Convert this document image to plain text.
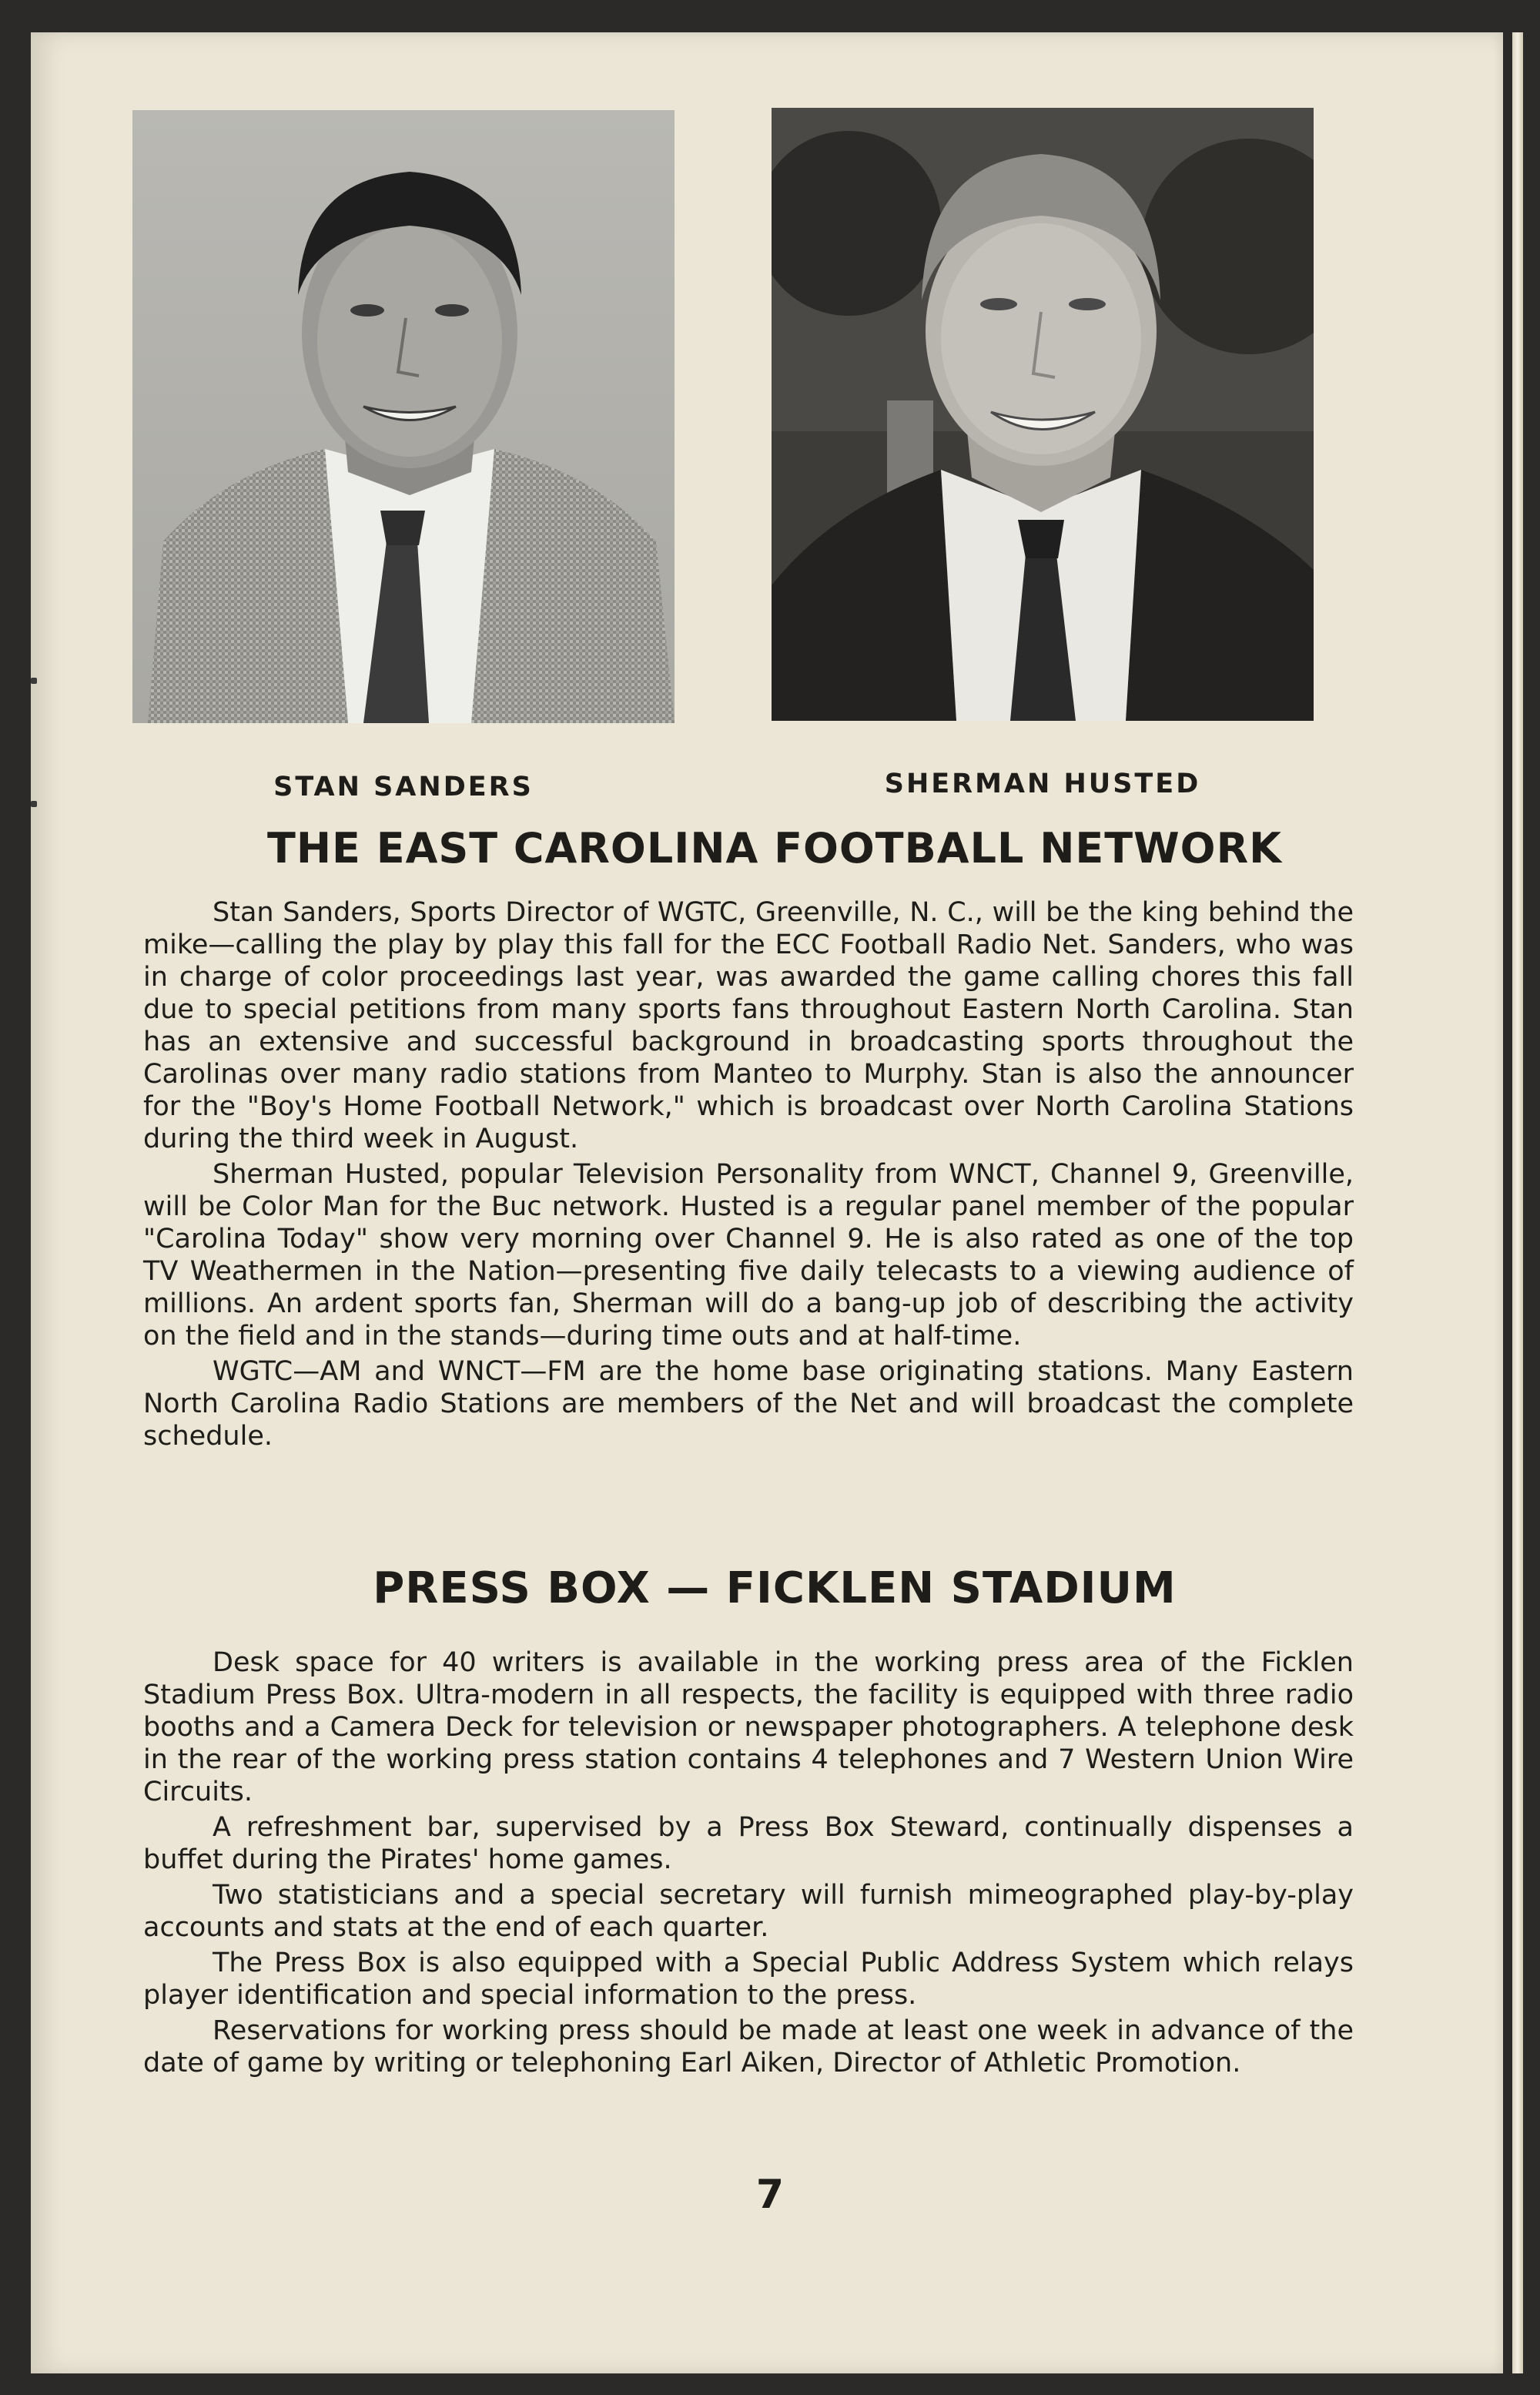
STAN SANDERS	SHERMAN HUSTED
THE EAST CAROLINA FOOTBALL NETWORK

Stan Sanders, Sports Director of WGTC, Greenville, N. C., will be the king behind the mike—calling the play by play this fall for the ECC Football Radio Net. Sanders, who was in charge of color proceedings last year, was awarded the game calling chores this fall due to special petitions from many sports fans throughout Eastern North Carolina. Stan has an extensive and successful background in broadcasting sports throughout the Carolinas over many radio stations from Manteo to Murphy. Stan is also the announcer for the "Boy's Home Football Network," which is broadcast over North Carolina Stations during the third week in August.

Sherman Husted, popular Television Personality from WNCT, Channel 9, Greenville, will be Color Man for the Buc network. Husted is a regular panel member of the popular "Carolina Today" show very morning over Channel 9. He is also rated as one of the top TV Weathermen in the Nation—presenting five daily telecasts to a viewing audience of millions. An ardent sports fan, Sherman will do a bang-up job of describing the activity on the field and in the stands—during time outs and at half-time.

WGTC—AM and WNCT—FM are the home base originating stations. Many Eastern North Carolina Radio Stations are members of the Net and will broadcast the complete schedule.

PRESS BOX — FICKLEN STADIUM

Desk space for 40 writers is available in the working press area of the Ficklen Stadium Press Box. Ultra-modern in all respects, the facility is equipped with three radio booths and a Camera Deck for television or newspaper photographers. A telephone desk in the rear of the working press station contains 4 telephones and 7 Western Union Wire Circuits.

A refreshment bar, supervised by a Press Box Steward, continually dispenses a buffet during the Pirates' home games.

Two statisticians and a special secretary will furnish mimeographed play-by-play accounts and stats at the end of each quarter.

The Press Box is also equipped with a Special Public Address System which relays player identification and special information to the press.

Reservations for working press should be made at least one week in advance of the date of game by writing or telephoning Earl Aiken, Director of Athletic Promotion.

7
